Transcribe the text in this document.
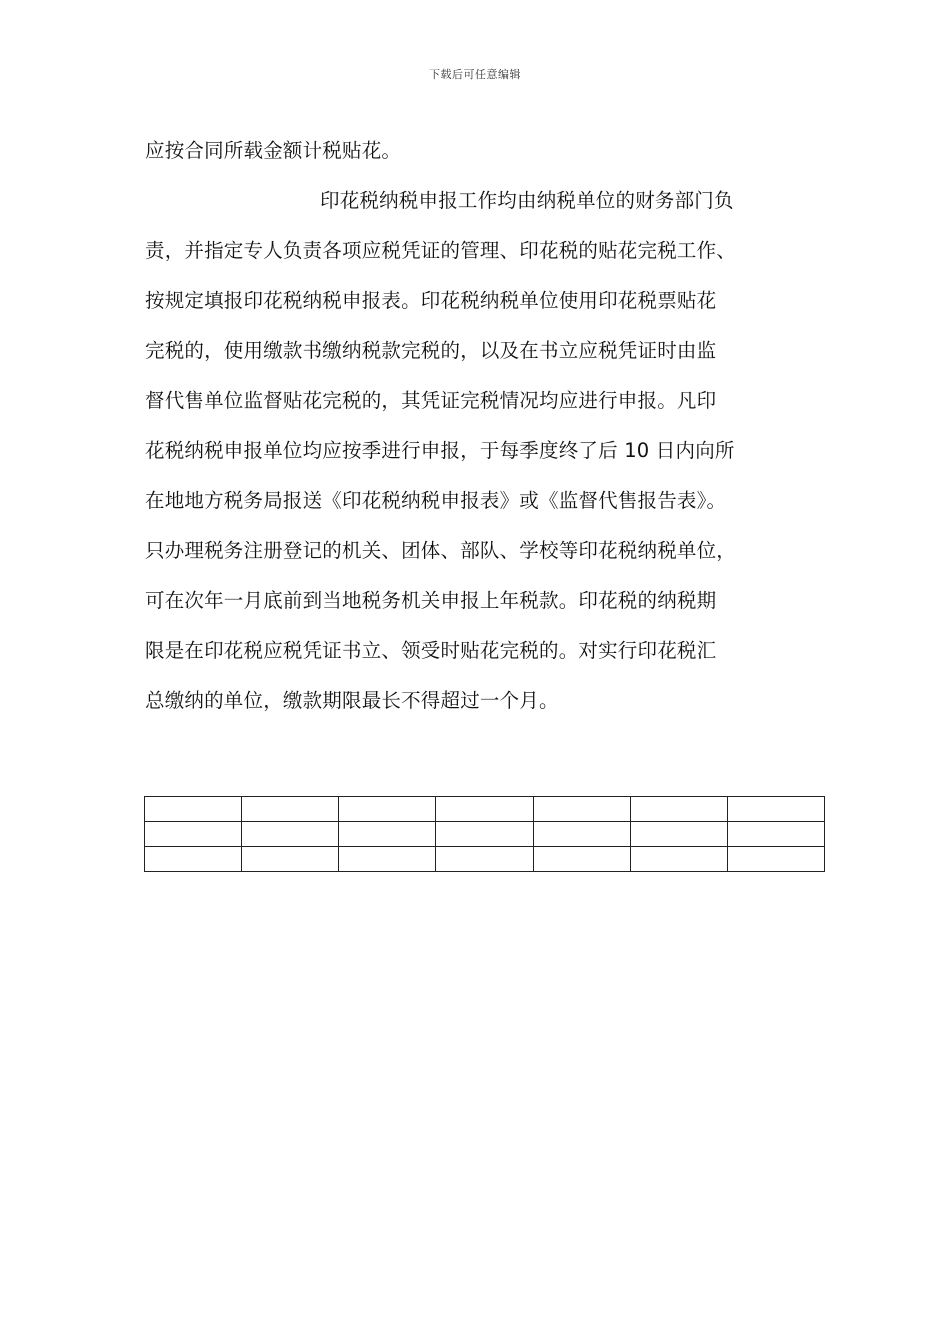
下载后可任意编辑
应按合同所载金额计税贴花。
印花税纳税申报工作均由纳税单位的财务部门负
责，并指定专人负责各项应税凭证的管理、印花税的贴花完税工作、
按规定填报印花税纳税申报表。印花税纳税单位使用印花税票贴花
完税的，使用缴款书缴纳税款完税的，以及在书立应税凭证时由监
督代售单位监督贴花完税的，其凭证完税情况均应进行申报。凡印
花税纳税申报单位均应按季进行申报，于每季度终了后 10 日内向所
在地地方税务局报送《印花税纳税申报表》或《监督代售报告表》。
只办理税务注册登记的机关、团体、部队、学校等印花税纳税单位，
可在次年一月底前到当地税务机关申报上年税款。印花税的纳税期
限是在印花税应税凭证书立、领受时贴花完税的。对实行印花税汇
总缴纳的单位，缴款期限最长不得超过一个月。
